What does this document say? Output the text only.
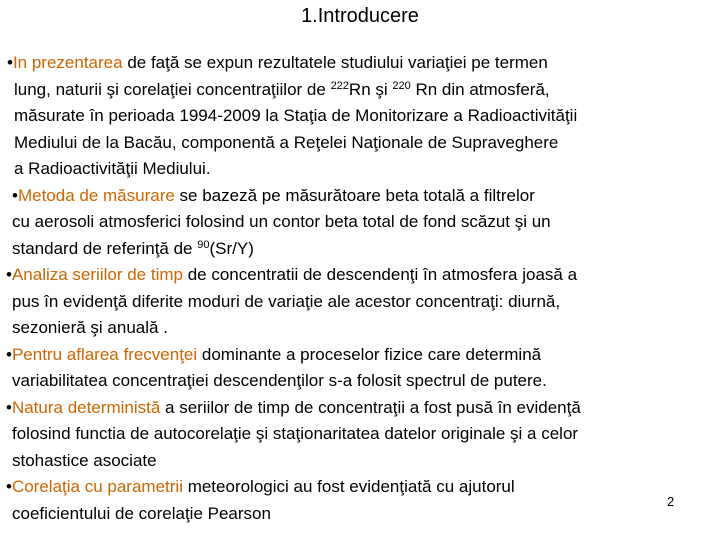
1.Introducere
•In prezentarea de faţă se expun rezultatele studiului variaţiei pe termen
lung, naturii şi corelaţiei concentraţiilor de $^{222}$Rn şi $^{220}$ Rn din atmosferă,
măsurate în perioada 1994-2009 la Staţia de Monitorizare a Radioactivităţii
Mediului de la Bacău, componentă a Reţelei Naţionale de Supraveghere
a Radioactivităţii Mediului.
•Metoda de măsurare se bazeză pe măsurătoare beta totală a filtrelor
cu aerosoli atmosferici folosind un contor beta total de fond scăzut şi un
standard de referinţă de $^{90}$(Sr/Y)
•Analiza seriilor de timp de concentratii de descendenţi în atmosfera joasă a
pus în evidenţă diferite moduri de variaţie ale acestor concentraţi: diurnă,
sezonieră şi anuală .
•Pentru aflarea frecvenţei dominante a proceselor fizice care determină
variabilitatea concentraţiei descendenţilor s-a folosit spectrul de putere.
•Natura deterministă a seriilor de timp de concentraţii a fost pusă în evidenţă
folosind functia de autocorelaţie şi staţionaritatea datelor originale şi a celor
stohastice asociate
•Corelaţia cu parametrii meteorologici au fost evidenţiată cu ajutorul
coeficientului de corelaţie Pearson
2
